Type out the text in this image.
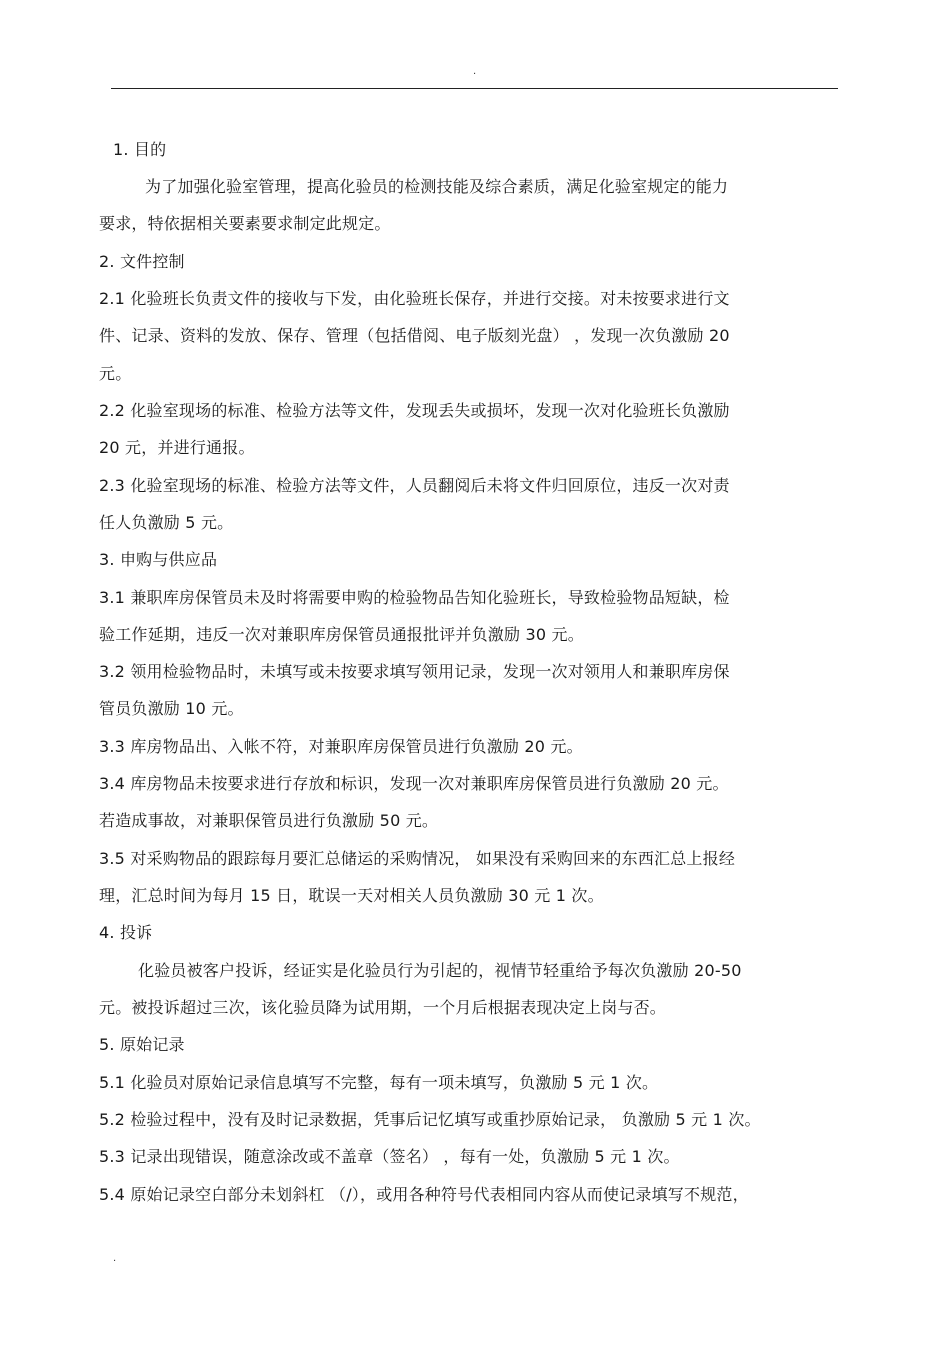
.
1. 目的
为了加强化验室管理，提高化验员的检测技能及综合素质，满足化验室规定的能力
要求，特依据相关要素要求制定此规定。
2. 文件控制
2.1 化验班长负责文件的接收与下发，由化验班长保存，并进行交接。对未按要求进行文
件、记录、资料的发放、保存、管理（包括借阅、电子版刻光盘） ，发现一次负激励 20
元。
2.2 化验室现场的标准、检验方法等文件，发现丢失或损坏，发现一次对化验班长负激励
20 元，并进行通报。
2.3 化验室现场的标准、检验方法等文件，人员翻阅后未将文件归回原位，违反一次对责
任人负激励 5 元。
3. 申购与供应品
3.1 兼职库房保管员未及时将需要申购的检验物品告知化验班长，导致检验物品短缺，检
验工作延期，违反一次对兼职库房保管员通报批评并负激励 30 元。
3.2 领用检验物品时，未填写或未按要求填写领用记录，发现一次对领用人和兼职库房保
管员负激励 10 元。
3.3 库房物品出、入帐不符，对兼职库房保管员进行负激励 20 元。
3.4 库房物品未按要求进行存放和标识，发现一次对兼职库房保管员进行负激励 20 元。
若造成事故，对兼职保管员进行负激励 50 元。
3.5 对采购物品的跟踪每月要汇总储运的采购情况， 如果没有采购回来的东西汇总上报经
理，汇总时间为每月 15 日，耽误一天对相关人员负激励 30 元 1 次。
4. 投诉
化验员被客户投诉，经证实是化验员行为引起的，视情节轻重给予每次负激励 20-50
元。被投诉超过三次，该化验员降为试用期，一个月后根据表现决定上岗与否。
5. 原始记录
5.1 化验员对原始记录信息填写不完整，每有一项未填写，负激励 5 元 1 次。
5.2 检验过程中，没有及时记录数据，凭事后记忆填写或重抄原始记录， 负激励 5 元 1 次。
5.3 记录出现错误，随意涂改或不盖章（签名） ，每有一处，负激励 5 元 1 次。
5.4 原始记录空白部分未划斜杠 （/），或用各种符号代表相同内容从而使记录填写不规范，
.
